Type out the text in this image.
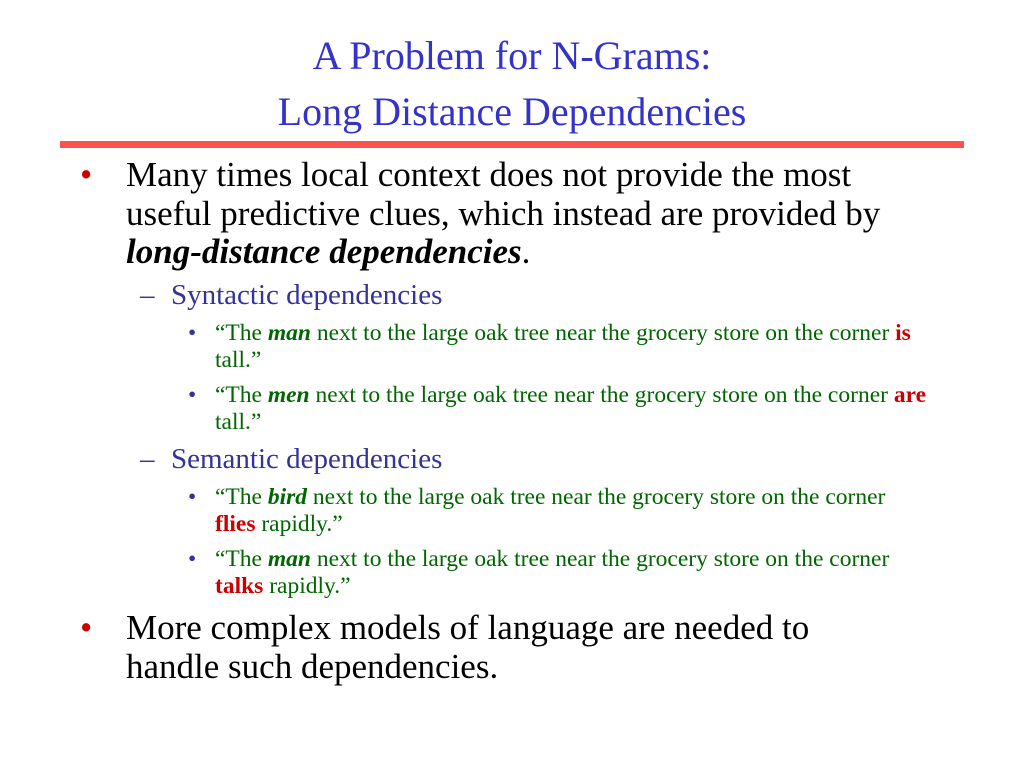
A Problem for N-Grams:
Long Distance Dependencies
• Many times local context does not provide the most useful predictive clues, which instead are provided by long-distance dependencies.
– Syntactic dependencies
• “The man next to the large oak tree near the grocery store on the corner is tall.”
• “The men next to the large oak tree near the grocery store on the corner are tall.”
– Semantic dependencies
• “The bird next to the large oak tree near the grocery store on the corner flies rapidly.”
• “The man next to the large oak tree near the grocery store on the corner talks rapidly.”
• More complex models of language are needed to handle such dependencies.
